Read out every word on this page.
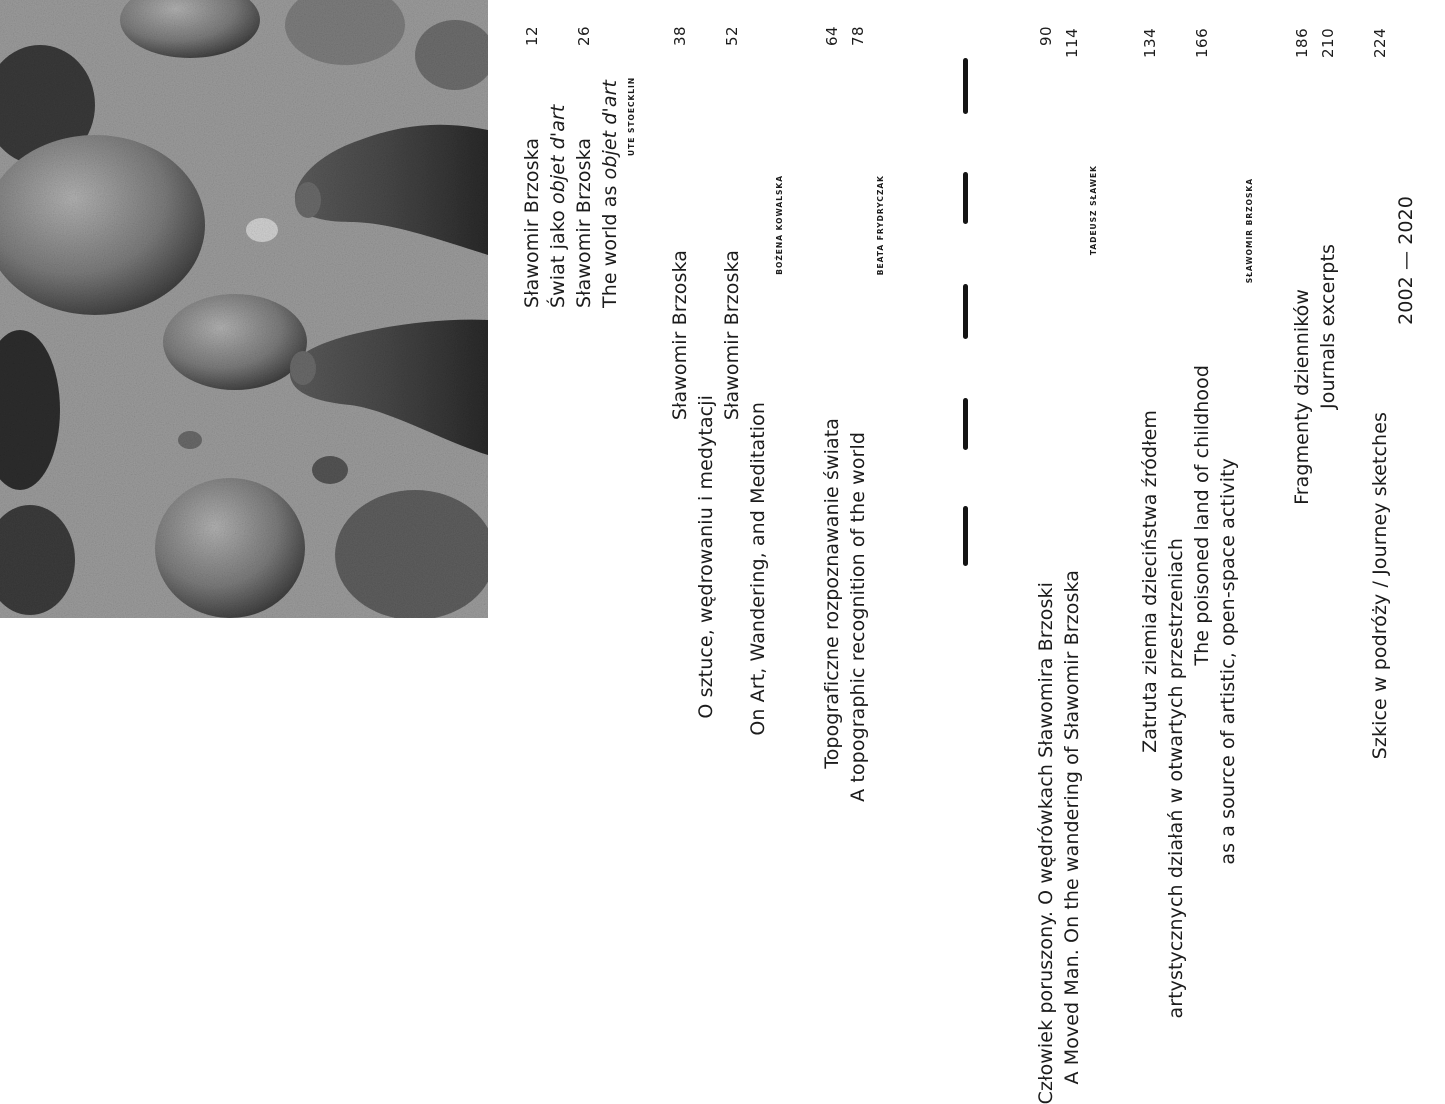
Sławomir Brzoska Świat jako objet d'art Sławomir Brzoska The world as objet d'art UTE STOECKLIN
12 26
Sławomir Brzoska
O sztuce, wędrowaniu i medytacji
Sławomir Brzoska
On Art, Wandering, and Meditation
BOŻENA KOWALSKA
38 52
Topograficzne rozpoznawanie świata A topographic recognition of the world
BEATA FRYDRYCZAK
64 78
Człowiek poruszony. O wędrówkach Sławomira Brzoski A Moved Man. On the wandering of Sławomir Brzoska
TADEUSZ SŁAWEK
90 114
Zatruta ziemia dzieciństwa źródłem artystycznych działań w otwartych przestrzeniach
The poisoned land of childhood as a source of artistic, open-space activity
SŁAWOMIR BRZOSKA
134 166
Fragmenty dzienników Journals excerpts
186 210
Szkice w podróży / Journey sketches
2002 — 2020
224
